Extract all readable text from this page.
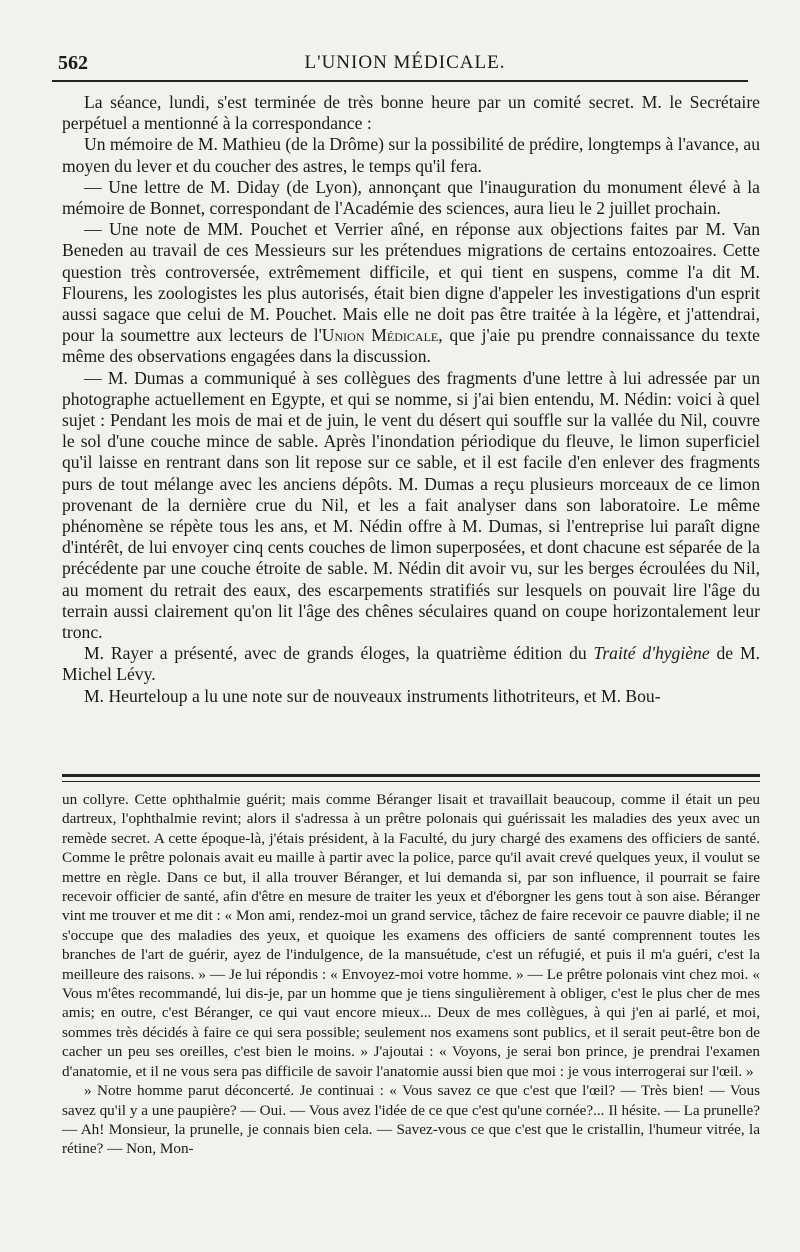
562	L'UNION MÉDICALE.

La séance, lundi, s'est terminée de très bonne heure par un comité secret. M. le Secrétaire perpétuel a mentionné à la correspondance :

Un mémoire de M. Mathieu (de la Drôme) sur la possibilité de prédire, longtemps à l'avance, au moyen du lever et du coucher des astres, le temps qu'il fera.

— Une lettre de M. Diday (de Lyon), annonçant que l'inauguration du monument élevé à la mémoire de Bonnet, correspondant de l'Académie des sciences, aura lieu le 2 juillet prochain.

— Une note de MM. Pouchet et Verrier aîné, en réponse aux objections faites par M. Van Beneden au travail de ces Messieurs sur les prétendues migrations de certains entozoaires. Cette question très controversée, extrêmement difficile, et qui tient en suspens, comme l'a dit M. Flourens, les zoologistes les plus autorisés, était bien digne d'appeler les investigations d'un esprit aussi sagace que celui de M. Pouchet. Mais elle ne doit pas être traitée à la légère, et j'attendrai, pour la soumettre aux lecteurs de l'Union Médicale, que j'aie pu prendre connaissance du texte même des observations engagées dans la discussion.

— M. Dumas a communiqué à ses collègues des fragments d'une lettre à lui adressée par un photographe actuellement en Egypte, et qui se nomme, si j'ai bien entendu, M. Nédin: voici à quel sujet : Pendant les mois de mai et de juin, le vent du désert qui souffle sur la vallée du Nil, couvre le sol d'une couche mince de sable. Après l'inondation périodique du fleuve, le limon superficiel qu'il laisse en rentrant dans son lit repose sur ce sable, et il est facile d'en enlever des fragments purs de tout mélange avec les anciens dépôts. M. Dumas a reçu plusieurs morceaux de ce limon provenant de la dernière crue du Nil, et les a fait analyser dans son laboratoire. Le même phénomène se répète tous les ans, et M. Nédin offre à M. Dumas, si l'entreprise lui paraît digne d'intérêt, de lui envoyer cinq cents couches de limon superposées, et dont chacune est séparée de la précédente par une couche étroite de sable. M. Nédin dit avoir vu, sur les berges écroulées du Nil, au moment du retrait des eaux, des escarpements stratifiés sur lesquels on pouvait lire l'âge du terrain aussi clairement qu'on lit l'âge des chênes séculaires quand on coupe horizontalement leur tronc.

M. Rayer a présenté, avec de grands éloges, la quatrième édition du Traité d'hygiène de M. Michel Lévy.

M. Heurteloup a lu une note sur de nouveaux instruments lithotriteurs, et M. Bou-

un collyre. Cette ophthalmie guérit; mais comme Béranger lisait et travaillait beaucoup, comme il était un peu dartreux, l'ophthalmie revint; alors il s'adressa à un prêtre polonais qui guérissait les maladies des yeux avec un remède secret. A cette époque-là, j'étais président, à la Faculté, du jury chargé des examens des officiers de santé. Comme le prêtre polonais avait eu maille à partir avec la police, parce qu'il avait crevé quelques yeux, il voulut se mettre en règle. Dans ce but, il alla trouver Béranger, et lui demanda si, par son influence, il pourrait se faire recevoir officier de santé, afin d'être en mesure de traiter les yeux et d'éborgner les gens tout à son aise. Béranger vint me trouver et me dit : « Mon ami, rendez-moi un grand service, tâchez de faire recevoir ce pauvre diable; il ne s'occupe que des maladies des yeux, et quoique les examens des officiers de santé comprennent toutes les branches de l'art de guérir, ayez de l'indulgence, de la mansuétude, c'est un réfugié, et puis il m'a guéri, c'est la meilleure des raisons. » — Je lui répondis : « Envoyez-moi votre homme. » — Le prêtre polonais vint chez moi. « Vous m'êtes recommandé, lui dis-je, par un homme que je tiens singulièrement à obliger, c'est le plus cher de mes amis; en outre, c'est Béranger, ce qui vaut encore mieux... Deux de mes collègues, à qui j'en ai parlé, et moi, sommes très décidés à faire ce qui sera possible; seulement nos examens sont publics, et il serait peut-être bon de cacher un peu ses oreilles, c'est bien le moins. » J'ajoutai : « Voyons, je serai bon prince, je prendrai l'examen d'anatomie, et il ne vous sera pas difficile de savoir l'anatomie aussi bien que moi : je vous interrogerai sur l'œil. »

» Notre homme parut déconcerté. Je continuai : « Vous savez ce que c'est que l'œil? — Très bien! — Vous savez qu'il y a une paupière? — Oui. — Vous avez l'idée de ce que c'est qu'une cornée?... Il hésite. — La prunelle? — Ah! Monsieur, la prunelle, je connais bien cela. — Savez-vous ce que c'est que le cristallin, l'humeur vitrée, la rétine? — Non, Mon-
